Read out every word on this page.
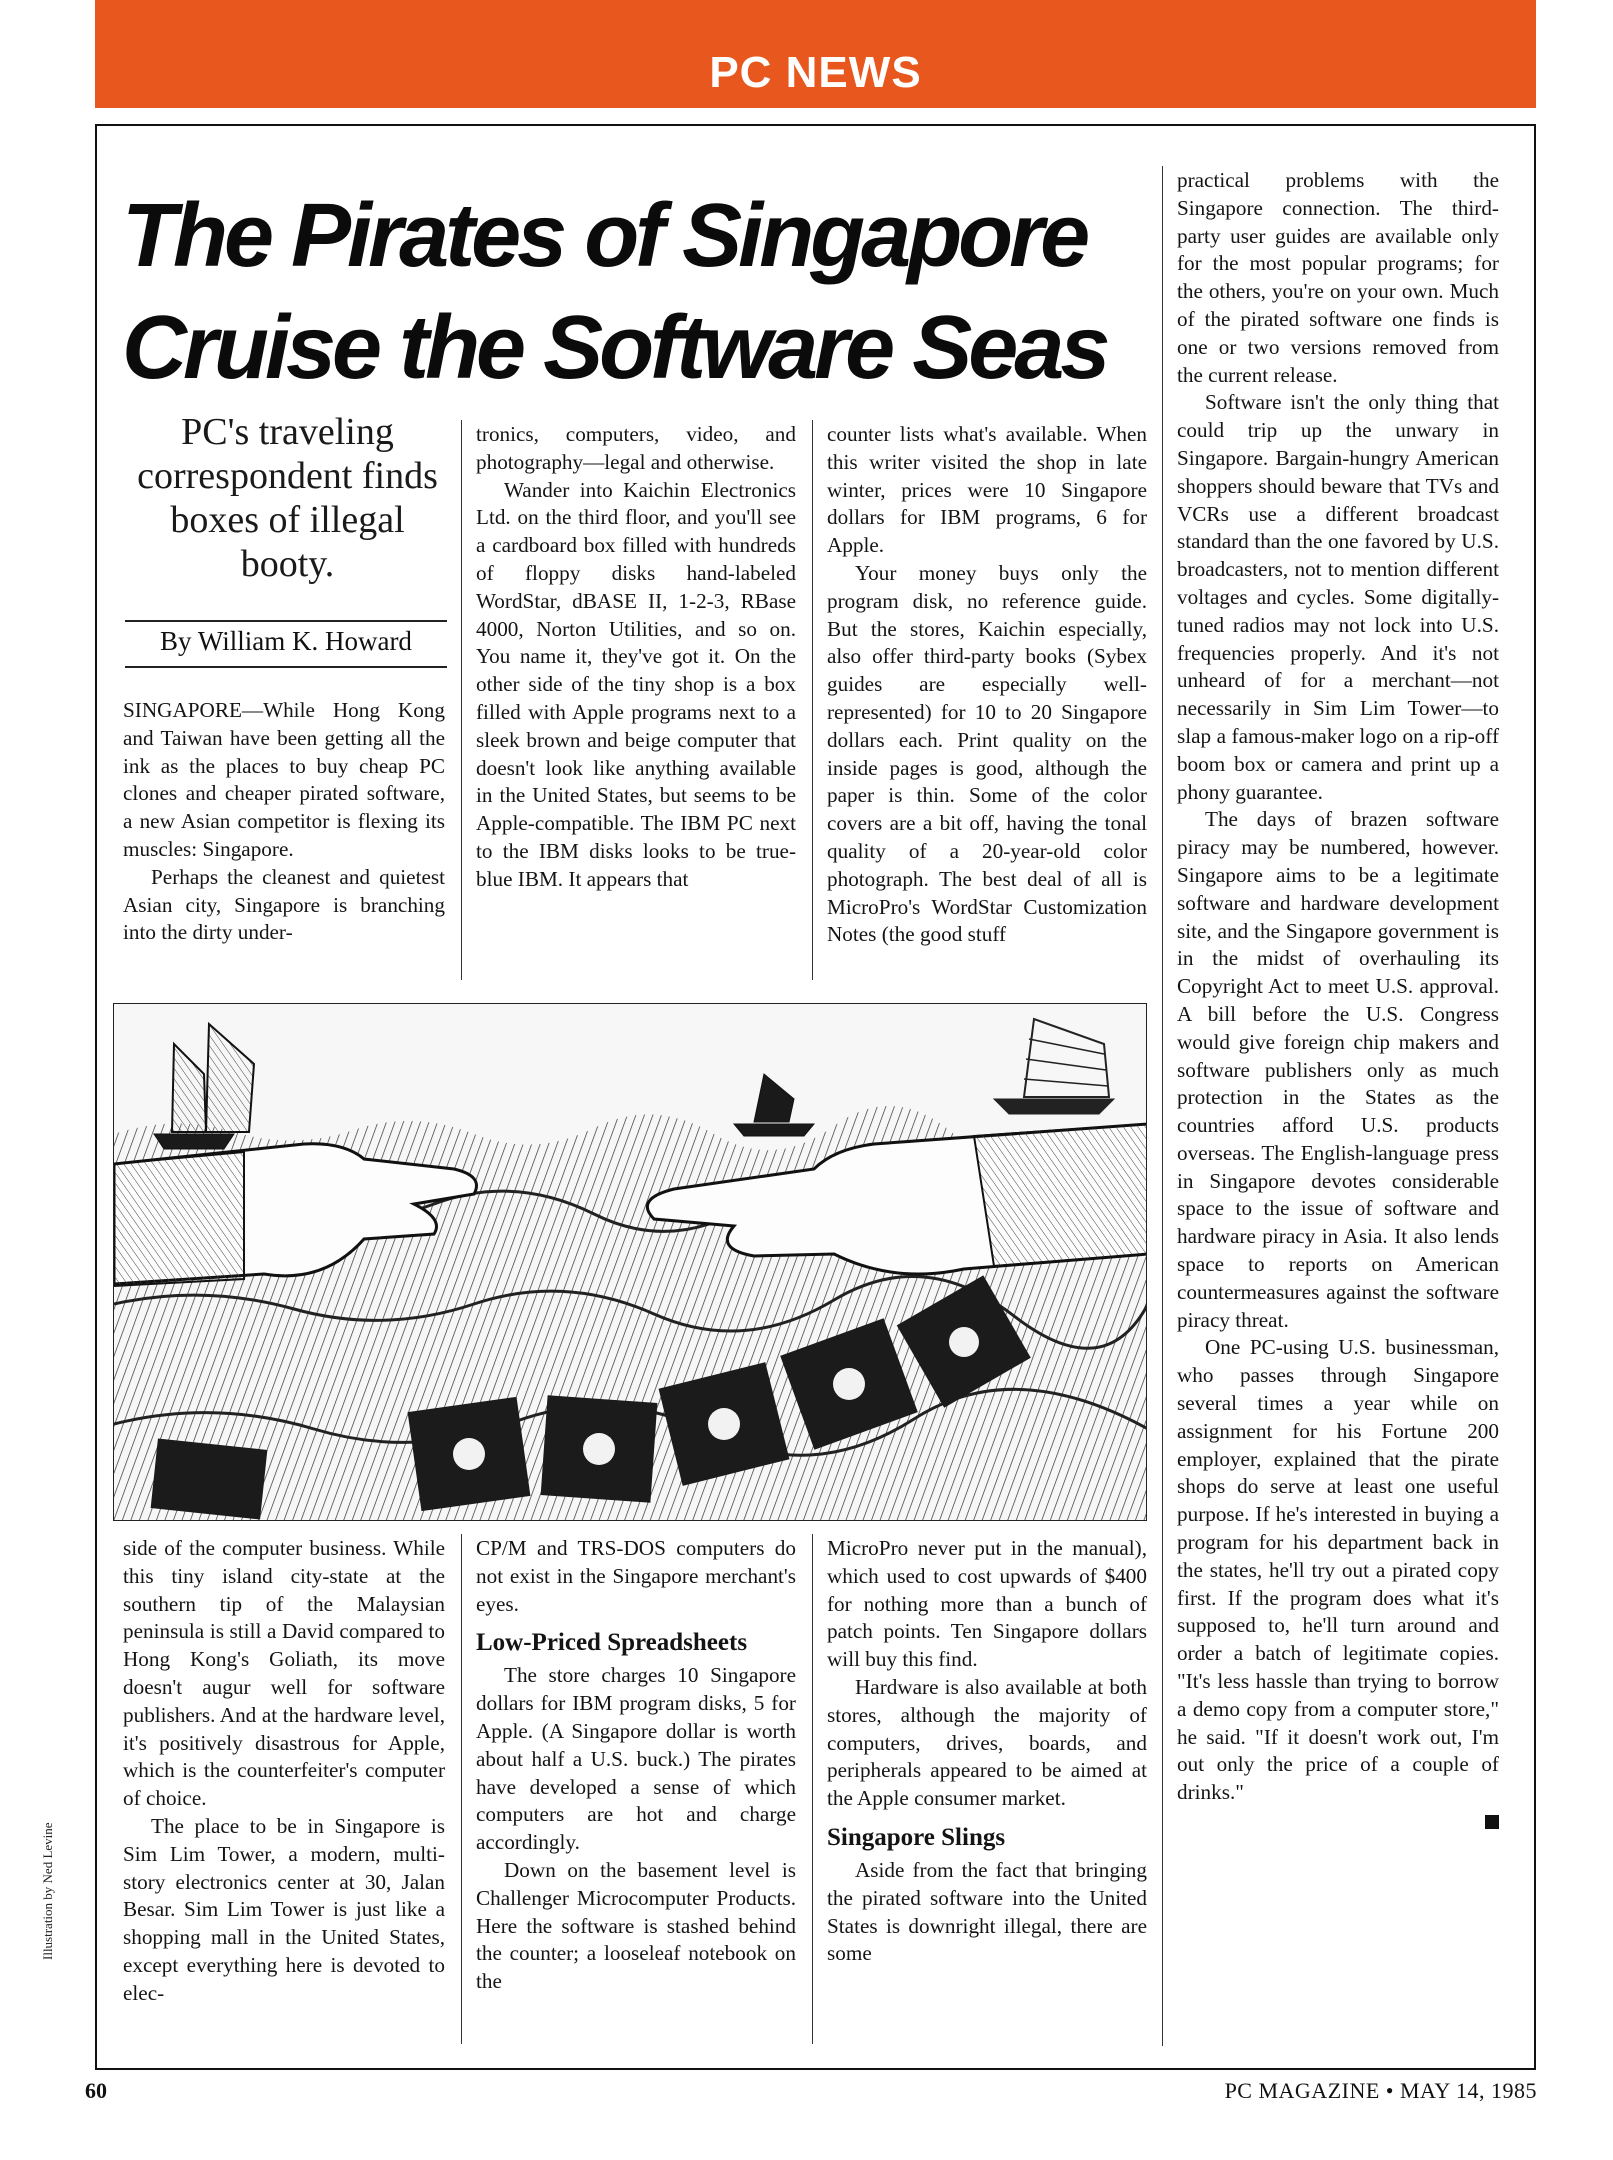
PC NEWS
The Pirates of Singapore
Cruise the Software Seas
PC's traveling correspondent finds boxes of illegal booty.
By William K. Howard

SINGAPORE—While Hong Kong and Taiwan have been getting all the ink as the places to buy cheap PC clones and cheaper pirated software, a new Asian competitor is flexing its muscles: Singapore.

Perhaps the cleanest and quietest Asian city, Singapore is branching into the dirty under-

tronics, computers, video, and photography—legal and otherwise.

Wander into Kaichin Electronics Ltd. on the third floor, and you'll see a cardboard box filled with hundreds of floppy disks hand-labeled WordStar, dBASE II, 1-2-3, RBase 4000, Norton Utilities, and so on. You name it, they've got it. On the other side of the tiny shop is a box filled with Apple programs next to a sleek brown and beige computer that doesn't look like anything available in the United States, but seems to be Apple-compatible. The IBM PC next to the IBM disks looks to be true-blue IBM. It appears that

counter lists what's available. When this writer visited the shop in late winter, prices were 10 Singapore dollars for IBM programs, 6 for Apple.

Your money buys only the program disk, no reference guide. But the stores, Kaichin especially, also offer third-party books (Sybex guides are especially well-represented) for 10 to 20 Singapore dollars each. Print quality on the inside pages is good, although the paper is thin. Some of the color covers are a bit off, having the tonal quality of a 20-year-old color photograph. The best deal of all is MicroPro's WordStar Customization Notes (the good stuff

practical problems with the Singapore connection. The third-party user guides are available only for the most popular programs; for the others, you're on your own. Much of the pirated software one finds is one or two versions removed from the current release.

Software isn't the only thing that could trip up the unwary in Singapore. Bargain-hungry American shoppers should beware that TVs and VCRs use a different broadcast standard than the one favored by U.S. broadcasters, not to mention different voltages and cycles. Some digitally-tuned radios may not lock into U.S. frequencies properly. And it's not unheard of for a merchant—not necessarily in Sim Lim Tower—to slap a famous-maker logo on a rip-off boom box or camera and print up a phony guarantee.

The days of brazen software piracy may be numbered, however. Singapore aims to be a legitimate software and hardware development site, and the Singapore government is in the midst of overhauling its Copyright Act to meet U.S. approval. A bill before the U.S. Congress would give foreign chip makers and software publishers only as much protection in the States as the countries afford U.S. products overseas. The English-language press in Singapore devotes considerable space to the issue of software and hardware piracy in Asia. It also lends space to reports on American countermeasures against the software piracy threat.

One PC-using U.S. businessman, who passes through Singapore several times a year while on assignment for his Fortune 200 employer, explained that the pirate shops do serve at least one useful purpose. If he's interested in buying a program for his department back in the states, he'll try out a pirated copy first. If the program does what it's supposed to, he'll turn around and order a batch of legitimate copies. "It's less hassle than trying to borrow a demo copy from a computer store," he said. "If it doesn't work out, I'm out only the price of a couple of drinks."

side of the computer business. While this tiny island city-state at the southern tip of the Malaysian peninsula is still a David compared to Hong Kong's Goliath, its move doesn't augur well for software publishers. And at the hardware level, it's positively disastrous for Apple, which is the counterfeiter's computer of choice.

The place to be in Singapore is Sim Lim Tower, a modern, multi-story electronics center at 30, Jalan Besar. Sim Lim Tower is just like a shopping mall in the United States, except everything here is devoted to elec-

CP/M and TRS-DOS computers do not exist in the Singapore merchant's eyes.

Low-Priced Spreadsheets

The store charges 10 Singapore dollars for IBM program disks, 5 for Apple. (A Singapore dollar is worth about half a U.S. buck.) The pirates have developed a sense of which computers are hot and charge accordingly.

Down on the basement level is Challenger Microcomputer Products. Here the software is stashed behind the counter; a looseleaf notebook on the

MicroPro never put in the manual), which used to cost upwards of $400 for nothing more than a bunch of patch points. Ten Singapore dollars will buy this find.

Hardware is also available at both stores, although the majority of computers, drives, boards, and peripherals appeared to be aimed at the Apple consumer market.

Singapore Slings

Aside from the fact that bringing the pirated software into the United States is downright illegal, there are some

Illustration by Ned Levine
60	PC MAGAZINE • MAY 14, 1985
